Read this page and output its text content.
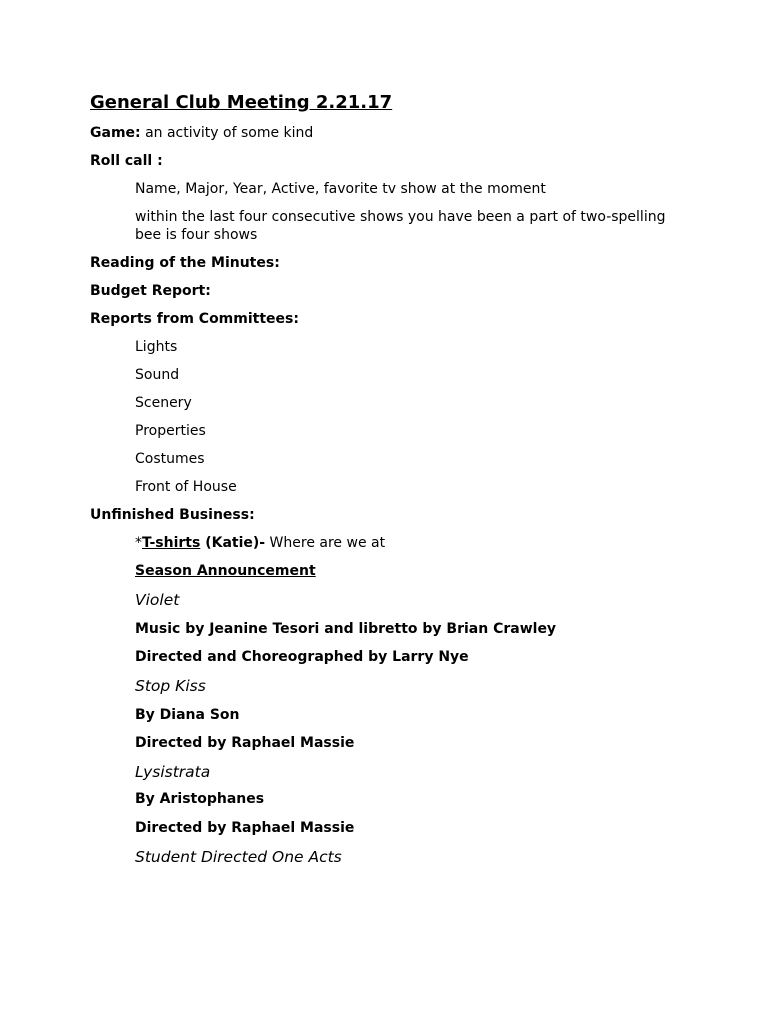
General Club Meeting 2.21.17
Game: an activity of some kind
Roll call :
Name, Major, Year, Active, favorite tv show at the moment
within the last four consecutive shows you have been a part of two-spelling bee is four shows
Reading of the Minutes:
Budget Report:
Reports from Committees:
Lights
Sound
Scenery
Properties
Costumes
Front of House
Unfinished Business:
*T-shirts (Katie)- Where are we at
Season Announcement
Violet
Music by Jeanine Tesori and libretto by Brian Crawley
Directed and Choreographed by Larry Nye
Stop Kiss
By Diana Son
Directed by Raphael Massie
Lysistrata
By Aristophanes
Directed by Raphael Massie
Student Directed One Acts
